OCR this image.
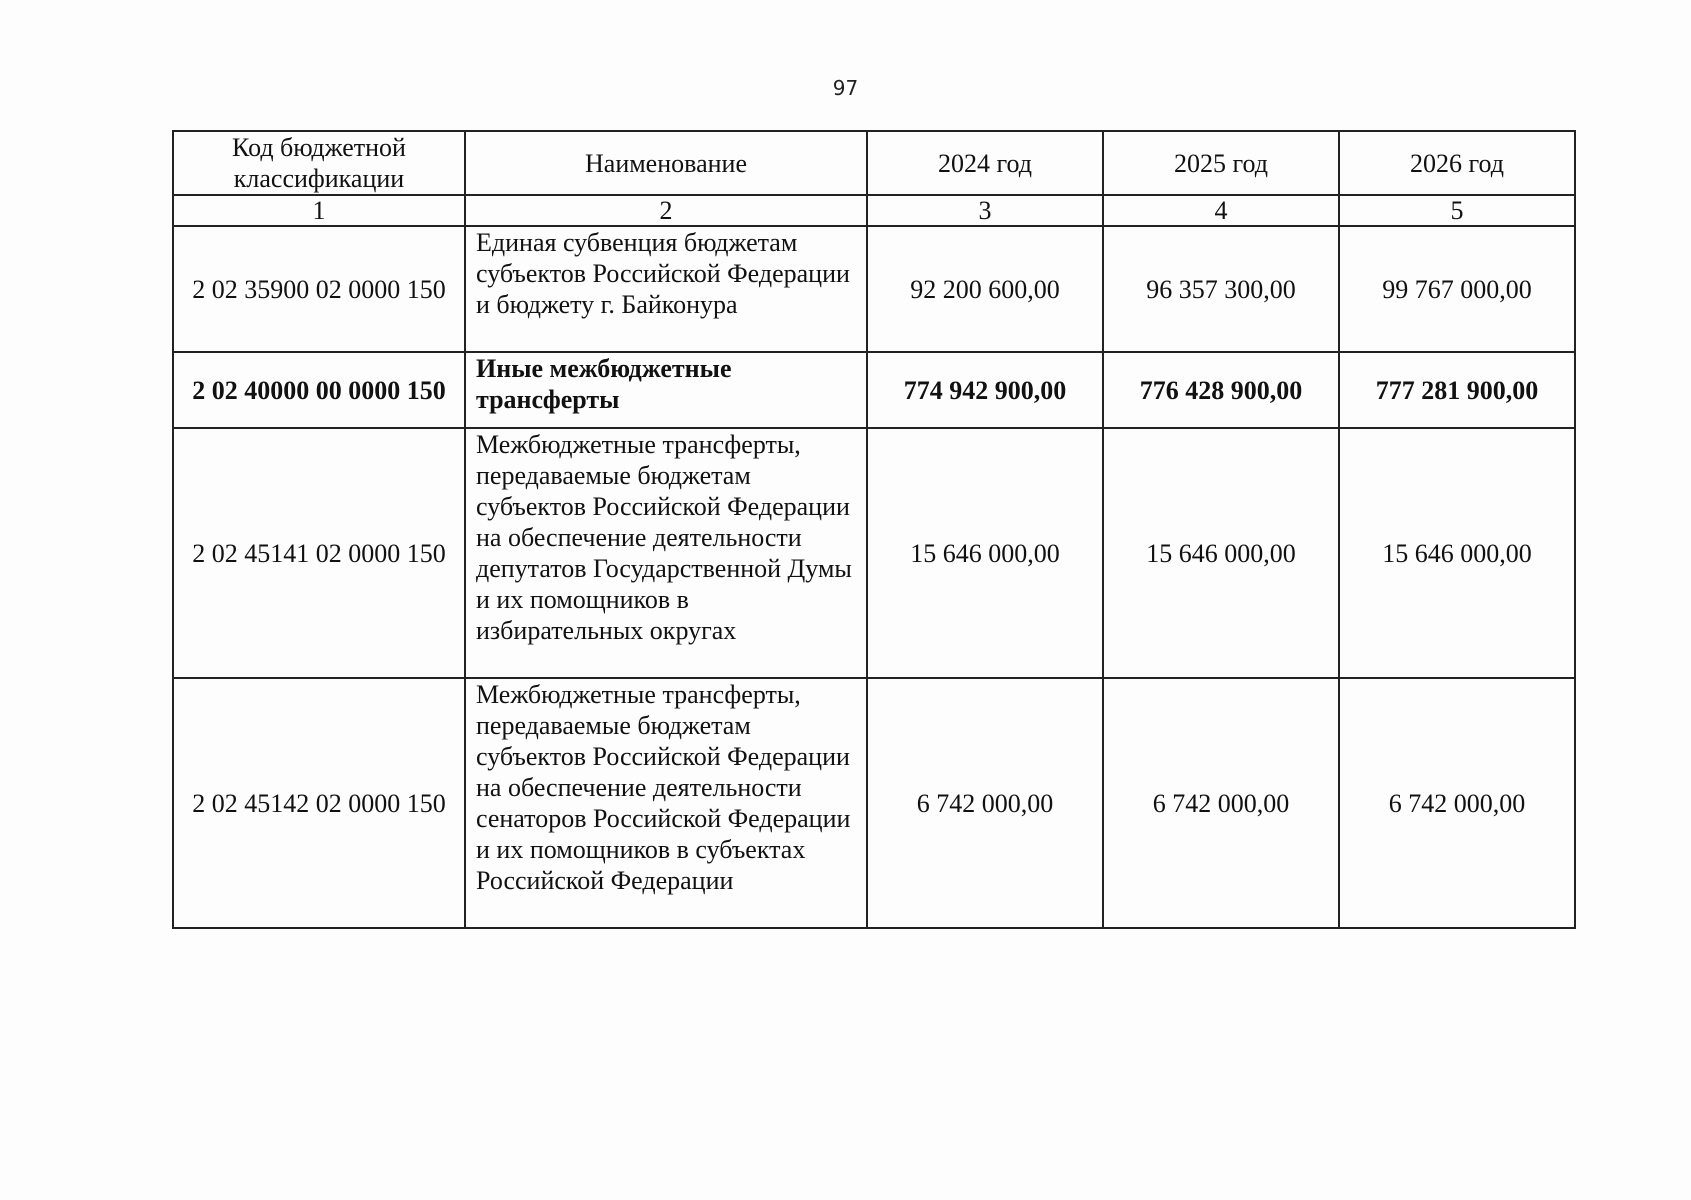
97
Код бюджетной классификации	Наименование	2024 год	2025 год	2026 год
1	2	3	4	5
2 02 35900 02 0000 150	Единая субвенция бюджетам субъектов Российской Федерации и бюджету г. Байконура	92 200 600,00	96 357 300,00	99 767 000,00
2 02 40000 00 0000 150	Иные межбюджетные трансферты	774 942 900,00	776 428 900,00	777 281 900,00
2 02 45141 02 0000 150	Межбюджетные трансферты, передаваемые бюджетам субъектов Российской Федерации на обеспечение деятельности депутатов Государственной Думы и их помощников в избирательных округах	15 646 000,00	15 646 000,00	15 646 000,00
2 02 45142 02 0000 150	Межбюджетные трансферты, передаваемые бюджетам субъектов Российской Федерации на обеспечение деятельности сенаторов Российской Федерации и их помощников в субъектах Российской Федерации	6 742 000,00	6 742 000,00	6 742 000,00
